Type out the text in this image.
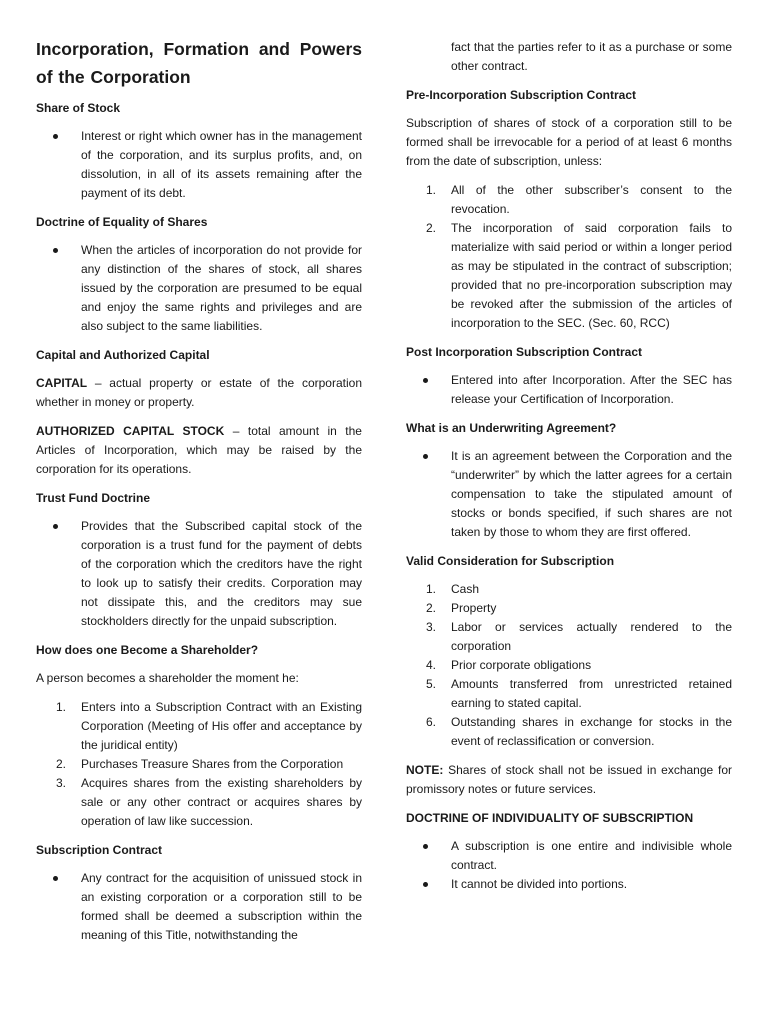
Incorporation, Formation and Powers of the Corporation
Share of Stock
Interest or right which owner has in the management of the corporation, and its surplus profits, and, on dissolution, in all of its assets remaining after the payment of its debt.
Doctrine of Equality of Shares
When the articles of incorporation do not provide for any distinction of the shares of stock, all shares issued by the corporation are presumed to be equal and enjoy the same rights and privileges and are also subject to the same liabilities.
Capital and Authorized Capital

CAPITAL – actual property or estate of the corporation whether in money or property.

AUTHORIZED CAPITAL STOCK – total amount in the Articles of Incorporation, which may be raised by the corporation for its operations.

Trust Fund Doctrine
Provides that the Subscribed capital stock of the corporation is a trust fund for the payment of debts of the corporation which the creditors have the right to look up to satisfy their credits. Corporation may not dissipate this, and the creditors may sue stockholders directly for the unpaid subscription.
How does one Become a Shareholder?

A person becomes a shareholder the moment he:

1. Enters into a Subscription Contract with an Existing Corporation (Meeting of His offer and acceptance by the juridical entity)
2. Purchases Treasure Shares from the Corporation
3. Acquires shares from the existing shareholders by sale or any other contract or acquires shares by operation of law like succession.
Subscription Contract
Any contract for the acquisition of unissued stock in an existing corporation or a corporation still to be formed shall be deemed a subscription within the meaning of this Title, notwithstanding the

fact that the parties refer to it as a purchase or some other contract.

Pre-Incorporation Subscription Contract

Subscription of shares of stock of a corporation still to be formed shall be irrevocable for a period of at least 6 months from the date of subscription, unless:

1. All of the other subscriber’s consent to the revocation.
2. The incorporation of said corporation fails to materialize with said period or within a longer period as may be stipulated in the contract of subscription; provided that no pre-incorporation subscription may be revoked after the submission of the articles of incorporation to the SEC. (Sec. 60, RCC)
Post Incorporation Subscription Contract
Entered into after Incorporation. After the SEC has release your Certification of Incorporation.
What is an Underwriting Agreement?
It is an agreement between the Corporation and the “underwriter” by which the latter agrees for a certain compensation to take the stipulated amount of stocks or bonds specified, if such shares are not taken by those to whom they are first offered.
Valid Consideration for Subscription
1. Cash
2. Property
3. Labor or services actually rendered to the corporation
4. Prior corporate obligations
5. Amounts transferred from unrestricted retained earning to stated capital.
6. Outstanding shares in exchange for stocks in the event of reclassification or conversion.

NOTE: Shares of stock shall not be issued in exchange for promissory notes or future services.

DOCTRINE OF INDIVIDUALITY OF SUBSCRIPTION
A subscription is one entire and indivisible whole contract.
It cannot be divided into portions.
